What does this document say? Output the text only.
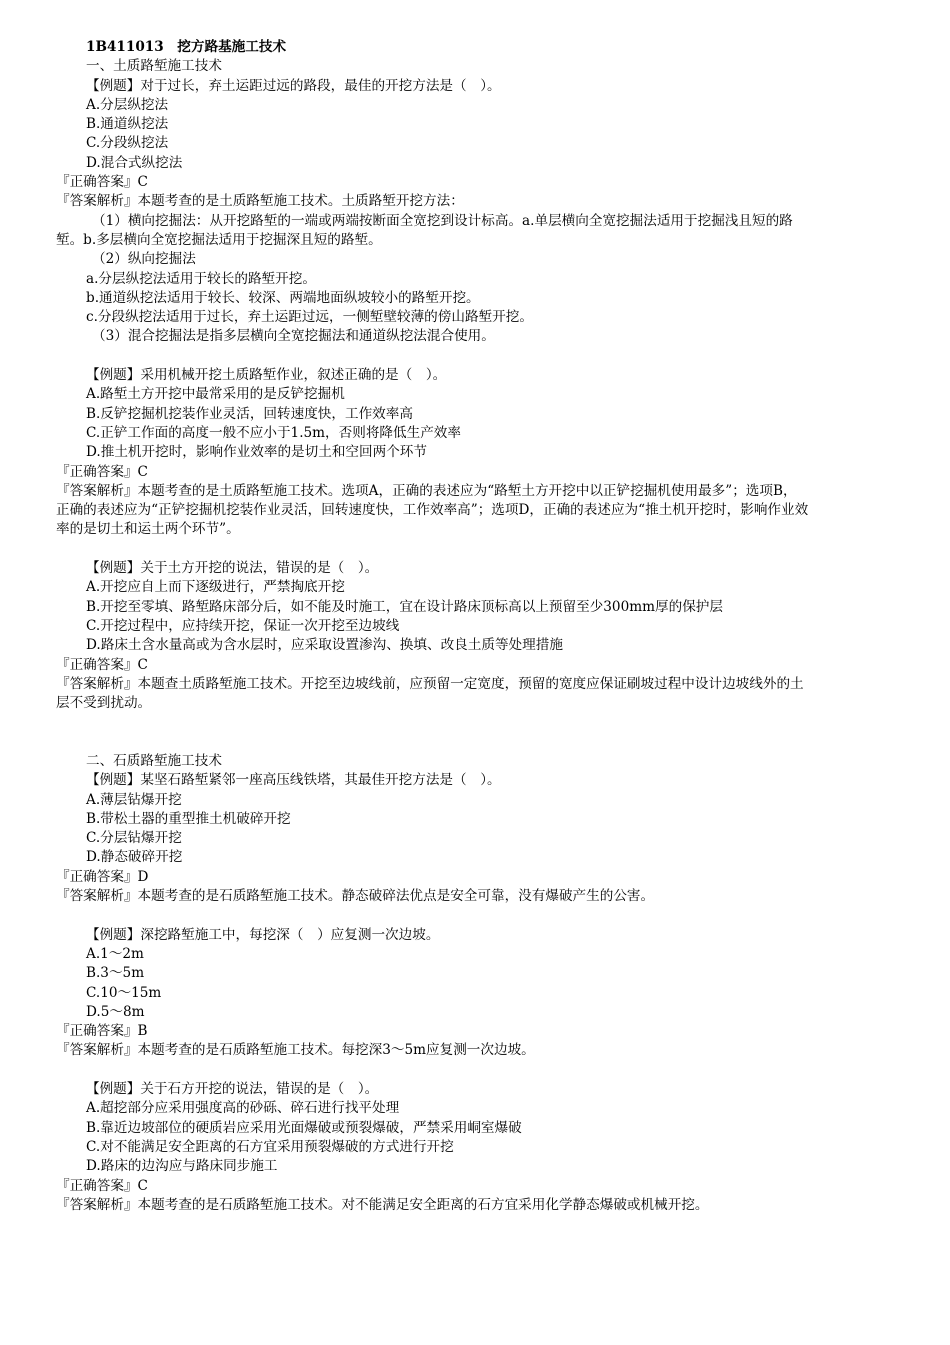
1B411013　挖方路基施工技术
一、土质路堑施工技术
【例题】对于过长，弃土运距过远的路段，最佳的开挖方法是（　）。
A.分层纵挖法
B.通道纵挖法
C.分段纵挖法
D.混合式纵挖法
『正确答案』C
『答案解析』本题考查的是土质路堑施工技术。土质路堑开挖方法：
（1）横向挖掘法：从开挖路堑的一端或两端按断面全宽挖到设计标高。a.单层横向全宽挖掘法适用于挖掘浅且短的路
堑。b.多层横向全宽挖掘法适用于挖掘深且短的路堑。
（2）纵向挖掘法
a.分层纵挖法适用于较长的路堑开挖。
b.通道纵挖法适用于较长、较深、两端地面纵坡较小的路堑开挖。
c.分段纵挖法适用于过长，弃土运距过远，一侧堑壁较薄的傍山路堑开挖。
（3）混合挖掘法是指多层横向全宽挖掘法和通道纵挖法混合使用。
【例题】采用机械开挖土质路堑作业，叙述正确的是（　）。
A.路堑土方开挖中最常采用的是反铲挖掘机
B.反铲挖掘机挖装作业灵活，回转速度快，工作效率高
C.正铲工作面的高度一般不应小于1.5m，否则将降低生产效率
D.推土机开挖时，影响作业效率的是切土和空回两个环节
『正确答案』C
『答案解析』本题考查的是土质路堑施工技术。选项A，正确的表述应为“路堑土方开挖中以正铲挖掘机使用最多”；选项B，
正确的表述应为“正铲挖掘机挖装作业灵活，回转速度快，工作效率高”；选项D，正确的表述应为“推土机开挖时，影响作业效
率的是切土和运土两个环节”。
【例题】关于土方开挖的说法，错误的是（　）。
A.开挖应自上而下逐级进行，严禁掏底开挖
B.开挖至零填、路堑路床部分后，如不能及时施工，宜在设计路床顶标高以上预留至少300mm厚的保护层
C.开挖过程中，应持续开挖，保证一次开挖至边坡线
D.路床土含水量高或为含水层时，应采取设置渗沟、换填、改良土质等处理措施
『正确答案』C
『答案解析』本题查土质路堑施工技术。开挖至边坡线前，应预留一定宽度，预留的宽度应保证刷坡过程中设计边坡线外的土
层不受到扰动。
二、石质路堑施工技术
【例题】某坚石路堑紧邻一座高压线铁塔，其最佳开挖方法是（　）。
A.薄层钻爆开挖
B.带松土器的重型推土机破碎开挖
C.分层钻爆开挖
D.静态破碎开挖
『正确答案』D
『答案解析』本题考查的是石质路堑施工技术。静态破碎法优点是安全可靠，没有爆破产生的公害。
【例题】深挖路堑施工中，每挖深（　）应复测一次边坡。
A.1～2m
B.3～5m
C.10～15m
D.5～8m
『正确答案』B
『答案解析』本题考查的是石质路堑施工技术。每挖深3～5m应复测一次边坡。
【例题】关于石方开挖的说法，错误的是（　）。
A.超挖部分应采用强度高的砂砾、碎石进行找平处理
B.靠近边坡部位的硬质岩应采用光面爆破或预裂爆破，严禁采用峒室爆破
C.对不能满足安全距离的石方宜采用预裂爆破的方式进行开挖
D.路床的边沟应与路床同步施工
『正确答案』C
『答案解析』本题考查的是石质路堑施工技术。对不能满足安全距离的石方宜采用化学静态爆破或机械开挖。
